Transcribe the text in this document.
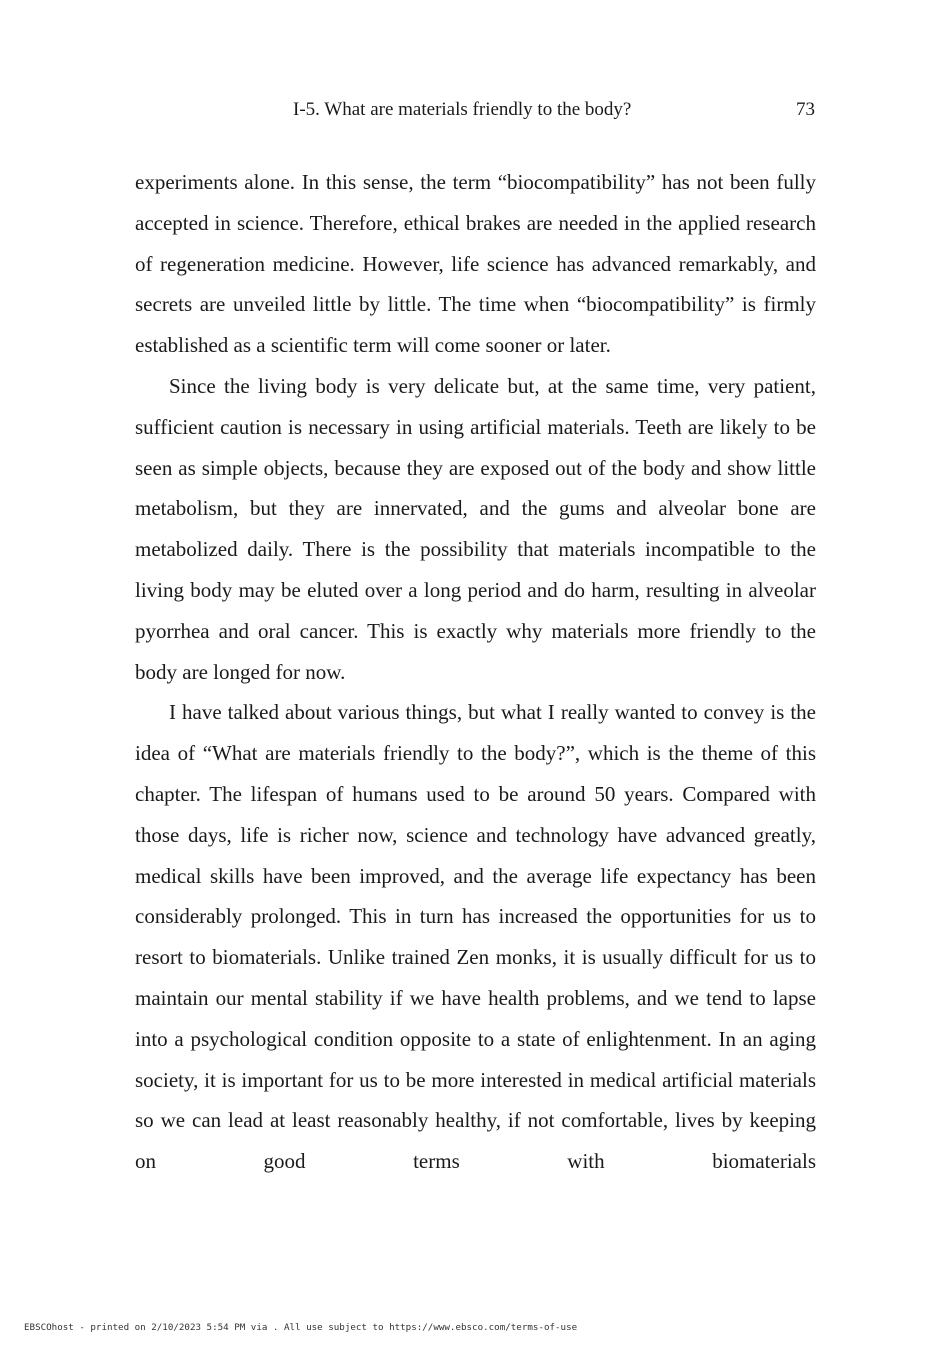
I-5. What are materials friendly to the body?	73

experiments alone. In this sense, the term “biocompatibility” has not been fully accepted in science. Therefore, ethical brakes are needed in the applied research of regeneration medicine. However, life science has advanced remarkably, and secrets are unveiled little by little. The time when “biocompatibility” is firmly established as a scientific term will come sooner or later.

Since the living body is very delicate but, at the same time, very patient, sufficient caution is necessary in using artificial materials. Teeth are likely to be seen as simple objects, because they are exposed out of the body and show little metabolism, but they are innervated, and the gums and alveolar bone are metabolized daily. There is the possibility that materials incompatible to the living body may be eluted over a long period and do harm, resulting in alveolar pyorrhea and oral cancer. This is exactly why materials more friendly to the body are longed for now.

I have talked about various things, but what I really wanted to convey is the idea of “What are materials friendly to the body?”, which is the theme of this chapter. The lifespan of humans used to be around 50 years. Compared with those days, life is richer now, science and technology have advanced greatly, medical skills have been improved, and the average life expectancy has been considerably prolonged. This in turn has increased the opportunities for us to resort to biomaterials. Unlike trained Zen monks, it is usually difficult for us to maintain our mental stability if we have health problems, and we tend to lapse into a psychological condition opposite to a state of enlightenment. In an aging society, it is important for us to be more interested in medical artificial materials so we can lead at least reasonably healthy, if not comfortable, lives by keeping on good terms with biomaterials

EBSCOhost - printed on 2/10/2023 5:54 PM via . All use subject to https://www.ebsco.com/terms-of-use
